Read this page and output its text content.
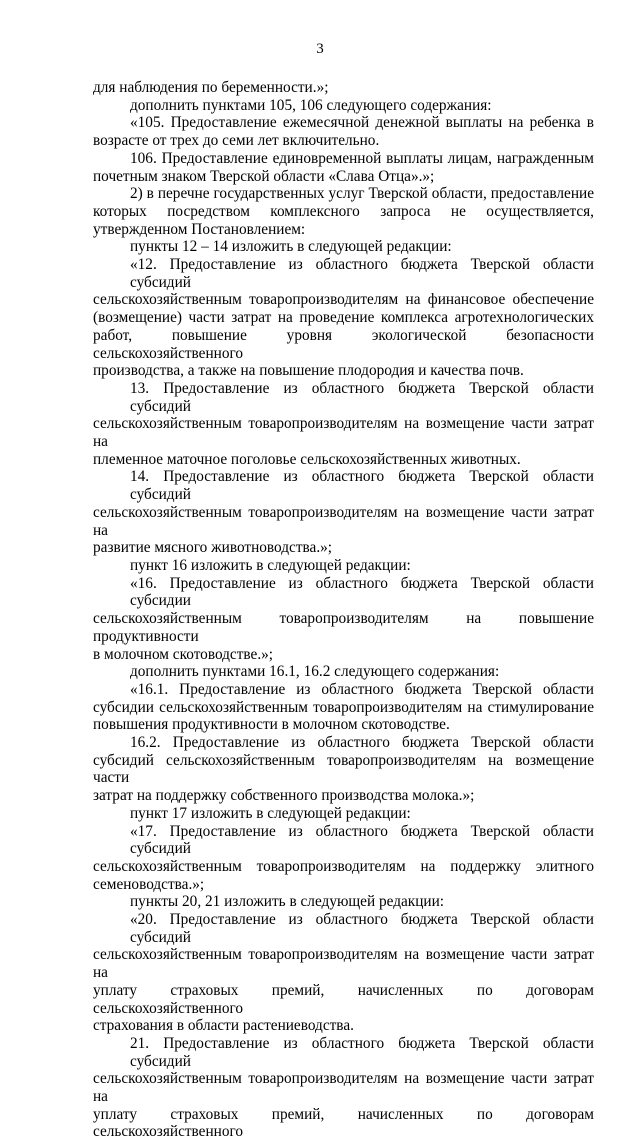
3
для наблюдения по беременности.»;
дополнить пунктами 105, 106 следующего содержания:
«105. Предоставление ежемесячной денежной выплаты на ребенка в
возрасте от трех до семи лет включительно.
106. Предоставление единовременной выплаты лицам, награжденным
почетным знаком Тверской области «Слава Отца».»;
2) в перечне государственных услуг Тверской области, предоставление
которых посредством комплексного запроса не осуществляется,
утвержденном Постановлением:
пункты 12 – 14 изложить в следующей редакции:
«12. Предоставление из областного бюджета Тверской области субсидий
сельскохозяйственным товаропроизводителям на финансовое обеспечение
(возмещение) части затрат на проведение комплекса агротехнологических
работ, повышение уровня экологической безопасности сельскохозяйственного
производства, а также на повышение плодородия и качества почв.
13. Предоставление из областного бюджета Тверской области субсидий
сельскохозяйственным товаропроизводителям на возмещение части затрат на
племенное маточное поголовье сельскохозяйственных животных.
14. Предоставление из областного бюджета Тверской области субсидий
сельскохозяйственным товаропроизводителям на возмещение части затрат на
развитие мясного животноводства.»;
пункт 16 изложить в следующей редакции:
«16. Предоставление из областного бюджета Тверской области субсидии
сельскохозяйственным товаропроизводителям на повышение продуктивности
в молочном скотоводстве.»;
дополнить пунктами 16.1, 16.2 следующего содержания:
«16.1. Предоставление из областного бюджета Тверской области
субсидии сельскохозяйственным товаропроизводителям на стимулирование
повышения продуктивности в молочном скотоводстве.
16.2. Предоставление из областного бюджета Тверской области
субсидий сельскохозяйственным товаропроизводителям на возмещение части
затрат на поддержку собственного производства молока.»;
пункт 17 изложить в следующей редакции:
«17. Предоставление из областного бюджета Тверской области субсидий
сельскохозяйственным товаропроизводителям на поддержку элитного
семеноводства.»;
пункты 20, 21 изложить в следующей редакции:
«20. Предоставление из областного бюджета Тверской области субсидий
сельскохозяйственным товаропроизводителям на возмещение части затрат на
уплату страховых премий, начисленных по договорам сельскохозяйственного
страхования в области растениеводства.
21. Предоставление из областного бюджета Тверской области субсидий
сельскохозяйственным товаропроизводителям на возмещение части затрат на
уплату страховых премий, начисленных по договорам сельскохозяйственного
